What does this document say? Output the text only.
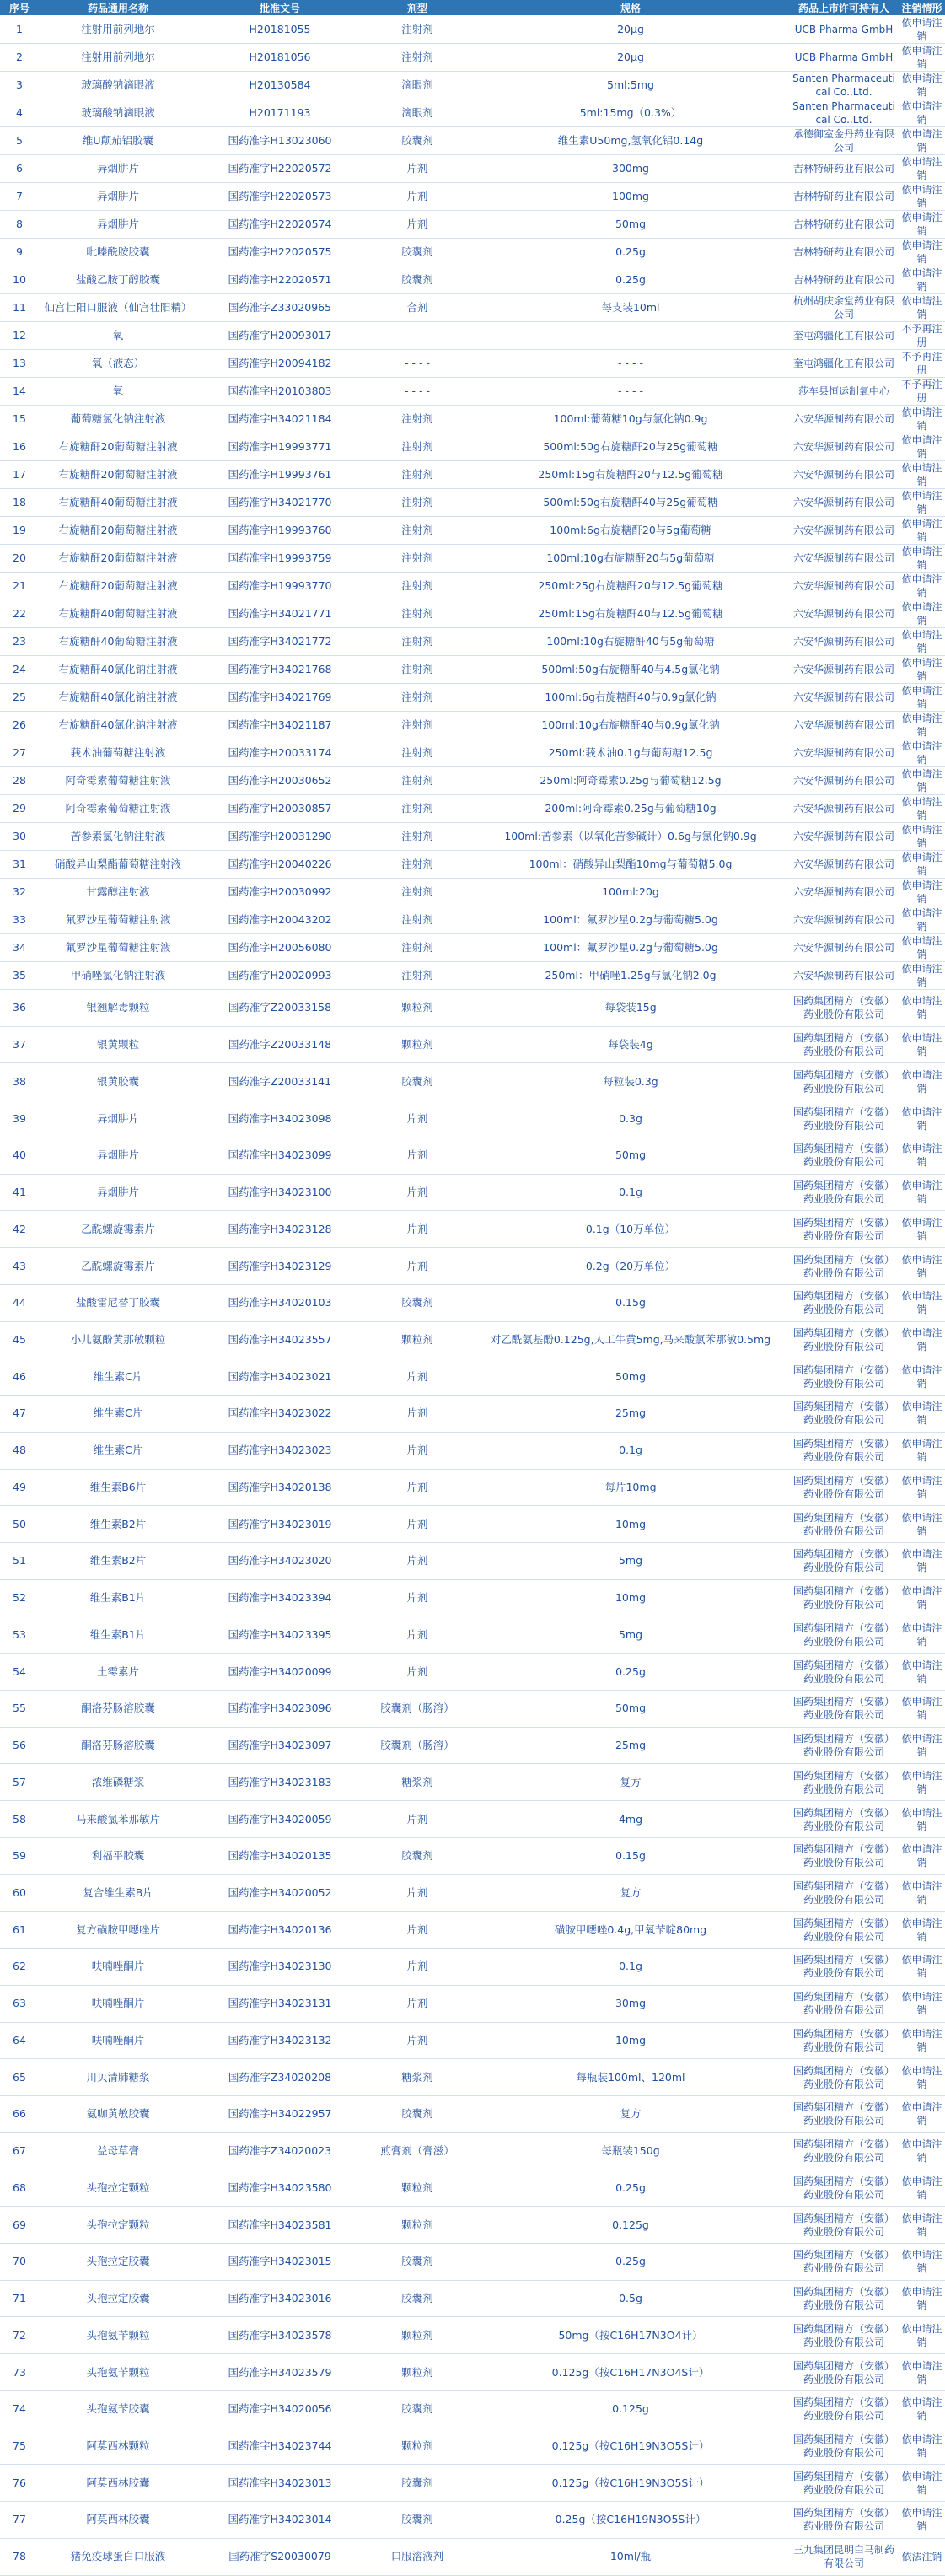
序号	药品通用名称	批准文号	剂型	规格	药品上市许可持有人	注销情形
1	注射用前列地尔	H20181055	注射剂	20μg	UCB Pharma GmbH	依申请注销
2	注射用前列地尔	H20181056	注射剂	20μg	UCB Pharma GmbH	依申请注销
3	玻璃酸钠滴眼液	H20130584	滴眼剂	5ml:5mg	Santen Pharmaceutical Co.,Ltd.	依申请注销
4	玻璃酸钠滴眼液	H20171193	滴眼剂	5ml:15mg（0.3%）	Santen Pharmaceutical Co.,Ltd.	依申请注销
5	维U颠茄铝胶囊	国药准字H13023060	胶囊剂	维生素U50mg,氢氧化铝0.14g	承德御室金丹药业有限公司	依申请注销
6	异烟肼片	国药准字H22020572	片剂	300mg	吉林特研药业有限公司	依申请注销
7	异烟肼片	国药准字H22020573	片剂	100mg	吉林特研药业有限公司	依申请注销
8	异烟肼片	国药准字H22020574	片剂	50mg	吉林特研药业有限公司	依申请注销
9	吡嗪酰胺胶囊	国药准字H22020575	胶囊剂	0.25g	吉林特研药业有限公司	依申请注销
10	盐酸乙胺丁醇胶囊	国药准字H22020571	胶囊剂	0.25g	吉林特研药业有限公司	依申请注销
11	仙宫壮阳口服液（仙宫壮阳精）	国药准字Z33020965	合剂	每支装10ml	杭州胡庆余堂药业有限公司	依申请注销
12	氧	国药准字H20093017	- - - -	- - - -	奎屯鸿疆化工有限公司	不予再注册
13	氧（液态）	国药准字H20094182	- - - -	- - - -	奎屯鸿疆化工有限公司	不予再注册
14	氧	国药准字H20103803	- - - -	- - - -	莎车县恒运制氧中心	不予再注册
15	葡萄糖氯化钠注射液	国药准字H34021184	注射剂	100ml:葡萄糖10g与氯化钠0.9g	六安华源制药有限公司	依申请注销
16	右旋糖酐20葡萄糖注射液	国药准字H19993771	注射剂	500ml:50g右旋糖酐20与25g葡萄糖	六安华源制药有限公司	依申请注销
17	右旋糖酐20葡萄糖注射液	国药准字H19993761	注射剂	250ml:15g右旋糖酐20与12.5g葡萄糖	六安华源制药有限公司	依申请注销
18	右旋糖酐40葡萄糖注射液	国药准字H34021770	注射剂	500ml:50g右旋糖酐40与25g葡萄糖	六安华源制药有限公司	依申请注销
19	右旋糖酐20葡萄糖注射液	国药准字H19993760	注射剂	100ml:6g右旋糖酐20与5g葡萄糖	六安华源制药有限公司	依申请注销
20	右旋糖酐20葡萄糖注射液	国药准字H19993759	注射剂	100ml:10g右旋糖酐20与5g葡萄糖	六安华源制药有限公司	依申请注销
21	右旋糖酐20葡萄糖注射液	国药准字H19993770	注射剂	250ml:25g右旋糖酐20与12.5g葡萄糖	六安华源制药有限公司	依申请注销
22	右旋糖酐40葡萄糖注射液	国药准字H34021771	注射剂	250ml:15g右旋糖酐40与12.5g葡萄糖	六安华源制药有限公司	依申请注销
23	右旋糖酐40葡萄糖注射液	国药准字H34021772	注射剂	100ml:10g右旋糖酐40与5g葡萄糖	六安华源制药有限公司	依申请注销
24	右旋糖酐40氯化钠注射液	国药准字H34021768	注射剂	500ml:50g右旋糖酐40与4.5g氯化钠	六安华源制药有限公司	依申请注销
25	右旋糖酐40氯化钠注射液	国药准字H34021769	注射剂	100ml:6g右旋糖酐40与0.9g氯化钠	六安华源制药有限公司	依申请注销
26	右旋糖酐40氯化钠注射液	国药准字H34021187	注射剂	100ml:10g右旋糖酐40与0.9g氯化钠	六安华源制药有限公司	依申请注销
27	莪术油葡萄糖注射液	国药准字H20033174	注射剂	250ml:莪术油0.1g与葡萄糖12.5g	六安华源制药有限公司	依申请注销
28	阿奇霉素葡萄糖注射液	国药准字H20030652	注射剂	250ml:阿奇霉素0.25g与葡萄糖12.5g	六安华源制药有限公司	依申请注销
29	阿奇霉素葡萄糖注射液	国药准字H20030857	注射剂	200ml:阿奇霉素0.25g与葡萄糖10g	六安华源制药有限公司	依申请注销
30	苦参素氯化钠注射液	国药准字H20031290	注射剂	100ml:苦参素（以氧化苦参碱计）0.6g与氯化钠0.9g	六安华源制药有限公司	依申请注销
31	硝酸异山梨酯葡萄糖注射液	国药准字H20040226	注射剂	100ml：硝酸异山梨酯10mg与葡萄糖5.0g	六安华源制药有限公司	依申请注销
32	甘露醇注射液	国药准字H20030992	注射剂	100ml:20g	六安华源制药有限公司	依申请注销
33	氟罗沙星葡萄糖注射液	国药准字H20043202	注射剂	100ml：氟罗沙星0.2g与葡萄糖5.0g	六安华源制药有限公司	依申请注销
34	氟罗沙星葡萄糖注射液	国药准字H20056080	注射剂	100ml：氟罗沙星0.2g与葡萄糖5.0g	六安华源制药有限公司	依申请注销
35	甲硝唑氯化钠注射液	国药准字H20020993	注射剂	250ml：甲硝唑1.25g与氯化钠2.0g	六安华源制药有限公司	依申请注销
36	银翘解毒颗粒	国药准字Z20033158	颗粒剂	每袋装15g	国药集团精方（安徽）药业股份有限公司	依申请注销
37	银黄颗粒	国药准字Z20033148	颗粒剂	每袋装4g	国药集团精方（安徽）药业股份有限公司	依申请注销
38	银黄胶囊	国药准字Z20033141	胶囊剂	每粒装0.3g	国药集团精方（安徽）药业股份有限公司	依申请注销
39	异烟肼片	国药准字H34023098	片剂	0.3g	国药集团精方（安徽）药业股份有限公司	依申请注销
40	异烟肼片	国药准字H34023099	片剂	50mg	国药集团精方（安徽）药业股份有限公司	依申请注销
41	异烟肼片	国药准字H34023100	片剂	0.1g	国药集团精方（安徽）药业股份有限公司	依申请注销
42	乙酰螺旋霉素片	国药准字H34023128	片剂	0.1g（10万单位）	国药集团精方（安徽）药业股份有限公司	依申请注销
43	乙酰螺旋霉素片	国药准字H34023129	片剂	0.2g（20万单位）	国药集团精方（安徽）药业股份有限公司	依申请注销
44	盐酸雷尼替丁胶囊	国药准字H34020103	胶囊剂	0.15g	国药集团精方（安徽）药业股份有限公司	依申请注销
45	小儿氨酚黄那敏颗粒	国药准字H34023557	颗粒剂	对乙酰氨基酚0.125g,人工牛黄5mg,马来酸氯苯那敏0.5mg	国药集团精方（安徽）药业股份有限公司	依申请注销
46	维生素C片	国药准字H34023021	片剂	50mg	国药集团精方（安徽）药业股份有限公司	依申请注销
47	维生素C片	国药准字H34023022	片剂	25mg	国药集团精方（安徽）药业股份有限公司	依申请注销
48	维生素C片	国药准字H34023023	片剂	0.1g	国药集团精方（安徽）药业股份有限公司	依申请注销
49	维生素B6片	国药准字H34020138	片剂	每片10mg	国药集团精方（安徽）药业股份有限公司	依申请注销
50	维生素B2片	国药准字H34023019	片剂	10mg	国药集团精方（安徽）药业股份有限公司	依申请注销
51	维生素B2片	国药准字H34023020	片剂	5mg	国药集团精方（安徽）药业股份有限公司	依申请注销
52	维生素B1片	国药准字H34023394	片剂	10mg	国药集团精方（安徽）药业股份有限公司	依申请注销
53	维生素B1片	国药准字H34023395	片剂	5mg	国药集团精方（安徽）药业股份有限公司	依申请注销
54	土霉素片	国药准字H34020099	片剂	0.25g	国药集团精方（安徽）药业股份有限公司	依申请注销
55	酮洛芬肠溶胶囊	国药准字H34023096	胶囊剂（肠溶）	50mg	国药集团精方（安徽）药业股份有限公司	依申请注销
56	酮洛芬肠溶胶囊	国药准字H34023097	胶囊剂（肠溶）	25mg	国药集团精方（安徽）药业股份有限公司	依申请注销
57	浓维磷糖浆	国药准字H34023183	糖浆剂	复方	国药集团精方（安徽）药业股份有限公司	依申请注销
58	马来酸氯苯那敏片	国药准字H34020059	片剂	4mg	国药集团精方（安徽）药业股份有限公司	依申请注销
59	利福平胶囊	国药准字H34020135	胶囊剂	0.15g	国药集团精方（安徽）药业股份有限公司	依申请注销
60	复合维生素B片	国药准字H34020052	片剂	复方	国药集团精方（安徽）药业股份有限公司	依申请注销
61	复方磺胺甲噁唑片	国药准字H34020136	片剂	磺胺甲噁唑0.4g,甲氧苄啶80mg	国药集团精方（安徽）药业股份有限公司	依申请注销
62	呋喃唑酮片	国药准字H34023130	片剂	0.1g	国药集团精方（安徽）药业股份有限公司	依申请注销
63	呋喃唑酮片	国药准字H34023131	片剂	30mg	国药集团精方（安徽）药业股份有限公司	依申请注销
64	呋喃唑酮片	国药准字H34023132	片剂	10mg	国药集团精方（安徽）药业股份有限公司	依申请注销
65	川贝清肺糖浆	国药准字Z34020208	糖浆剂	每瓶装100ml、120ml	国药集团精方（安徽）药业股份有限公司	依申请注销
66	氨咖黄敏胶囊	国药准字H34022957	胶囊剂	复方	国药集团精方（安徽）药业股份有限公司	依申请注销
67	益母草膏	国药准字Z34020023	煎膏剂（膏滋）	每瓶装150g	国药集团精方（安徽）药业股份有限公司	依申请注销
68	头孢拉定颗粒	国药准字H34023580	颗粒剂	0.25g	国药集团精方（安徽）药业股份有限公司	依申请注销
69	头孢拉定颗粒	国药准字H34023581	颗粒剂	0.125g	国药集团精方（安徽）药业股份有限公司	依申请注销
70	头孢拉定胶囊	国药准字H34023015	胶囊剂	0.25g	国药集团精方（安徽）药业股份有限公司	依申请注销
71	头孢拉定胶囊	国药准字H34023016	胶囊剂	0.5g	国药集团精方（安徽）药业股份有限公司	依申请注销
72	头孢氨苄颗粒	国药准字H34023578	颗粒剂	50mg（按C16H17N3O4计）	国药集团精方（安徽）药业股份有限公司	依申请注销
73	头孢氨苄颗粒	国药准字H34023579	颗粒剂	0.125g（按C16H17N3O4S计）	国药集团精方（安徽）药业股份有限公司	依申请注销
74	头孢氨苄胶囊	国药准字H34020056	胶囊剂	0.125g	国药集团精方（安徽）药业股份有限公司	依申请注销
75	阿莫西林颗粒	国药准字H34023744	颗粒剂	0.125g（按C16H19N3O5S计）	国药集团精方（安徽）药业股份有限公司	依申请注销
76	阿莫西林胶囊	国药准字H34023013	胶囊剂	0.125g（按C16H19N3O5S计）	国药集团精方（安徽）药业股份有限公司	依申请注销
77	阿莫西林胶囊	国药准字H34023014	胶囊剂	0.25g（按C16H19N3O5S计）	国药集团精方（安徽）药业股份有限公司	依申请注销
78	猪免疫球蛋白口服液	国药准字S20030079	口服溶液剂	10ml/瓶	三九集团昆明白马制药有限公司	依法注销
